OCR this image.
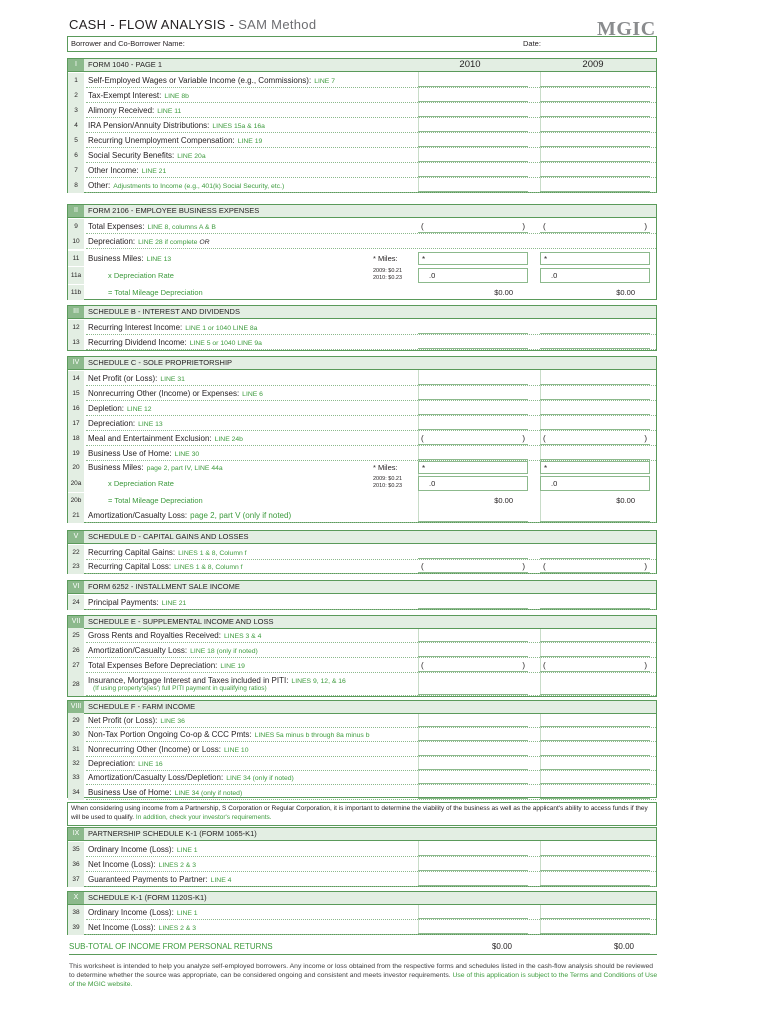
CASH - FLOW ANALYSIS - SAM Method	MGIC
Borrower and Co-Borrower Name:	Date:
I	FORM 1040 - PAGE 1	2010	2009
1	Self-Employed Wages or Variable Income (e.g., Commissions): LINE 7
2	Tax-Exempt Interest: LINE 8b
3	Alimony Received: LINE 11
4	IRA Pension/Annuity Distributions: LINES 15a & 16a
5	Recurring Unemployment Compensation: LINE 19
6	Social Security Benefits: LINE 20a
7	Other Income: LINE 21
8	Other: Adjustments to Income (e.g., 401(k) Social Security, etc.)
II	FORM 2106 - EMPLOYEE BUSINESS EXPENSES
9	Total Expenses: LINE 8, columns A & B	(	) (	)
10	Depreciation: LINE 28 if complete OR
11	Business Miles: LINE 13	* Miles:	*	*
11a	x Depreciation Rate	2009: $0.21
2010: $0.23	.0	.0
11b	= Total Mileage Depreciation	$0.00	$0.00
III	SCHEDULE B - INTEREST AND DIVIDENDS
12	Recurring Interest Income: LINE 1 or 1040 LINE 8a
13	Recurring Dividend Income: LINE 5 or 1040 LINE 9a
IV	SCHEDULE C - SOLE PROPRIETORSHIP
14	Net Profit (or Loss): LINE 31
15	Nonrecurring Other (Income) or Expenses: LINE 6
16	Depletion: LINE 12
17	Depreciation: LINE 13
18	Meal and Entertainment Exclusion: LINE 24b	(	) (	)
19	Business Use of Home: LINE 30
20	Business Miles: page 2, part IV, LINE 44a	* Miles:	*	*
20a	x Depreciation Rate	2009: $0.21
2010: $0.23	.0	.0
20b	= Total Mileage Depreciation	$0.00	$0.00
21	Amortization/Casualty Loss: page 2, part V (only if noted)
V	SCHEDULE D - CAPITAL GAINS AND LOSSES
22	Recurring Capital Gains: LINES 1 & 8, Column f
23	Recurring Capital Loss: LINES 1 & 8, Column f	(	) (	)
VI	FORM 6252 - INSTALLMENT SALE INCOME
24	Principal Payments: LINE 21
VII	SCHEDULE E - SUPPLEMENTAL INCOME AND LOSS
25	Gross Rents and Royalties Received: LINES 3 & 4
26	Amortization/Casualty Loss: LINE 18 (only if noted)
27	Total Expenses Before Depreciation: LINE 19	(	) (	)
28	Insurance, Mortgage Interest and Taxes included in PITI: LINES 9, 12, & 16
(If using property's(ies') full PITI payment in qualifying ratios)
VIII SCHEDULE F - FARM INCOME
29	Net Profit (or Loss): LINE 36
30	Non-Tax Portion Ongoing Co-op & CCC Pmts: LINES 5a minus b through 8a minus b
31	Nonrecurring Other (Income) or Loss: LINE 10
32	Depreciation: LINE 16
33	Amortization/Casualty Loss/Depletion: LINE 34 (only if noted)
34	Business Use of Home: LINE 34 (only if noted)
When considering using income from a Partnership, S Corporation or Regular Corporation, it is important to determine the viability of the business as well as the applicant's ability to access funds if they will be used to qualify. In addition, check your investor's requirements.
IX	PARTNERSHIP SCHEDULE K-1 (FORM 1065-K1)
35	Ordinary Income (Loss): LINE 1
36	Net Income (Loss): LINES 2 & 3
37	Guaranteed Payments to Partner: LINE 4
X	SCHEDULE K-1 (FORM 1120S-K1)
38	Ordinary Income (Loss): LINE 1
39	Net Income (Loss): LINES 2 & 3
SUB-TOTAL OF INCOME FROM PERSONAL RETURNS	$0.00	$0.00
This worksheet is intended to help you analyze self-employed borrowers. Any income or loss obtained from the respective forms and schedules listed in the cash-flow analysis should be reviewed to determine whether the source was appropriate, can be considered ongoing and consistent and meets investor requirements. Use of this application is subject to the Terms and Conditions of Use of the MGIC website.
